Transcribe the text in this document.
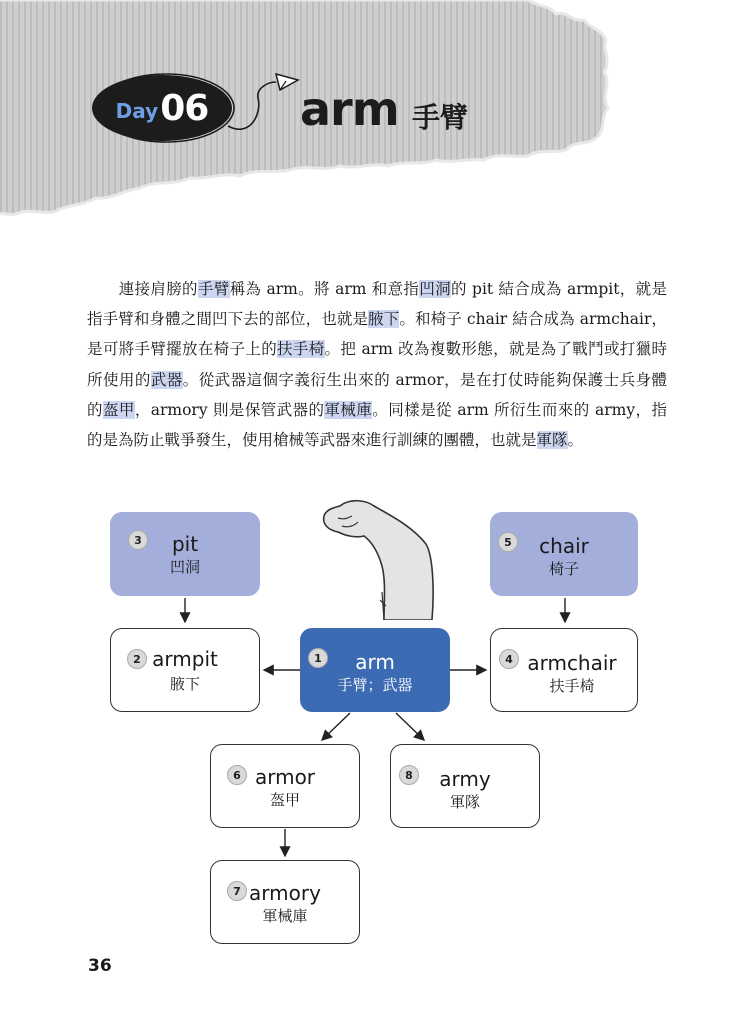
Day 06 arm 手臂

　　連接肩膀的手臂稱為 arm。將 arm 和意指凹洞的 pit 結合成為 armpit，就是指手臂和身體之間凹下去的部位，也就是腋下。和椅子 chair 結合成為 armchair，是可將手臂擺放在椅子上的扶手椅。把 arm 改為複數形態，就是為了戰鬥或打獵時所使用的武器。從武器這個字義衍生出來的 armor，是在打仗時能夠保護士兵身體的盔甲，armory 則是保管武器的軍械庫。同樣是從 arm 所衍生而來的 army，指的是為防止戰爭發生，使用槍械等武器來進行訓練的團體，也就是軍隊。

3	pit
凹洞
5	chair
椅子
2 armpit
腋下
1	arm
手臂；武器
4 armchair
扶手椅
6 armor
盔甲
8	army
軍隊
7 armory
軍械庫
36
